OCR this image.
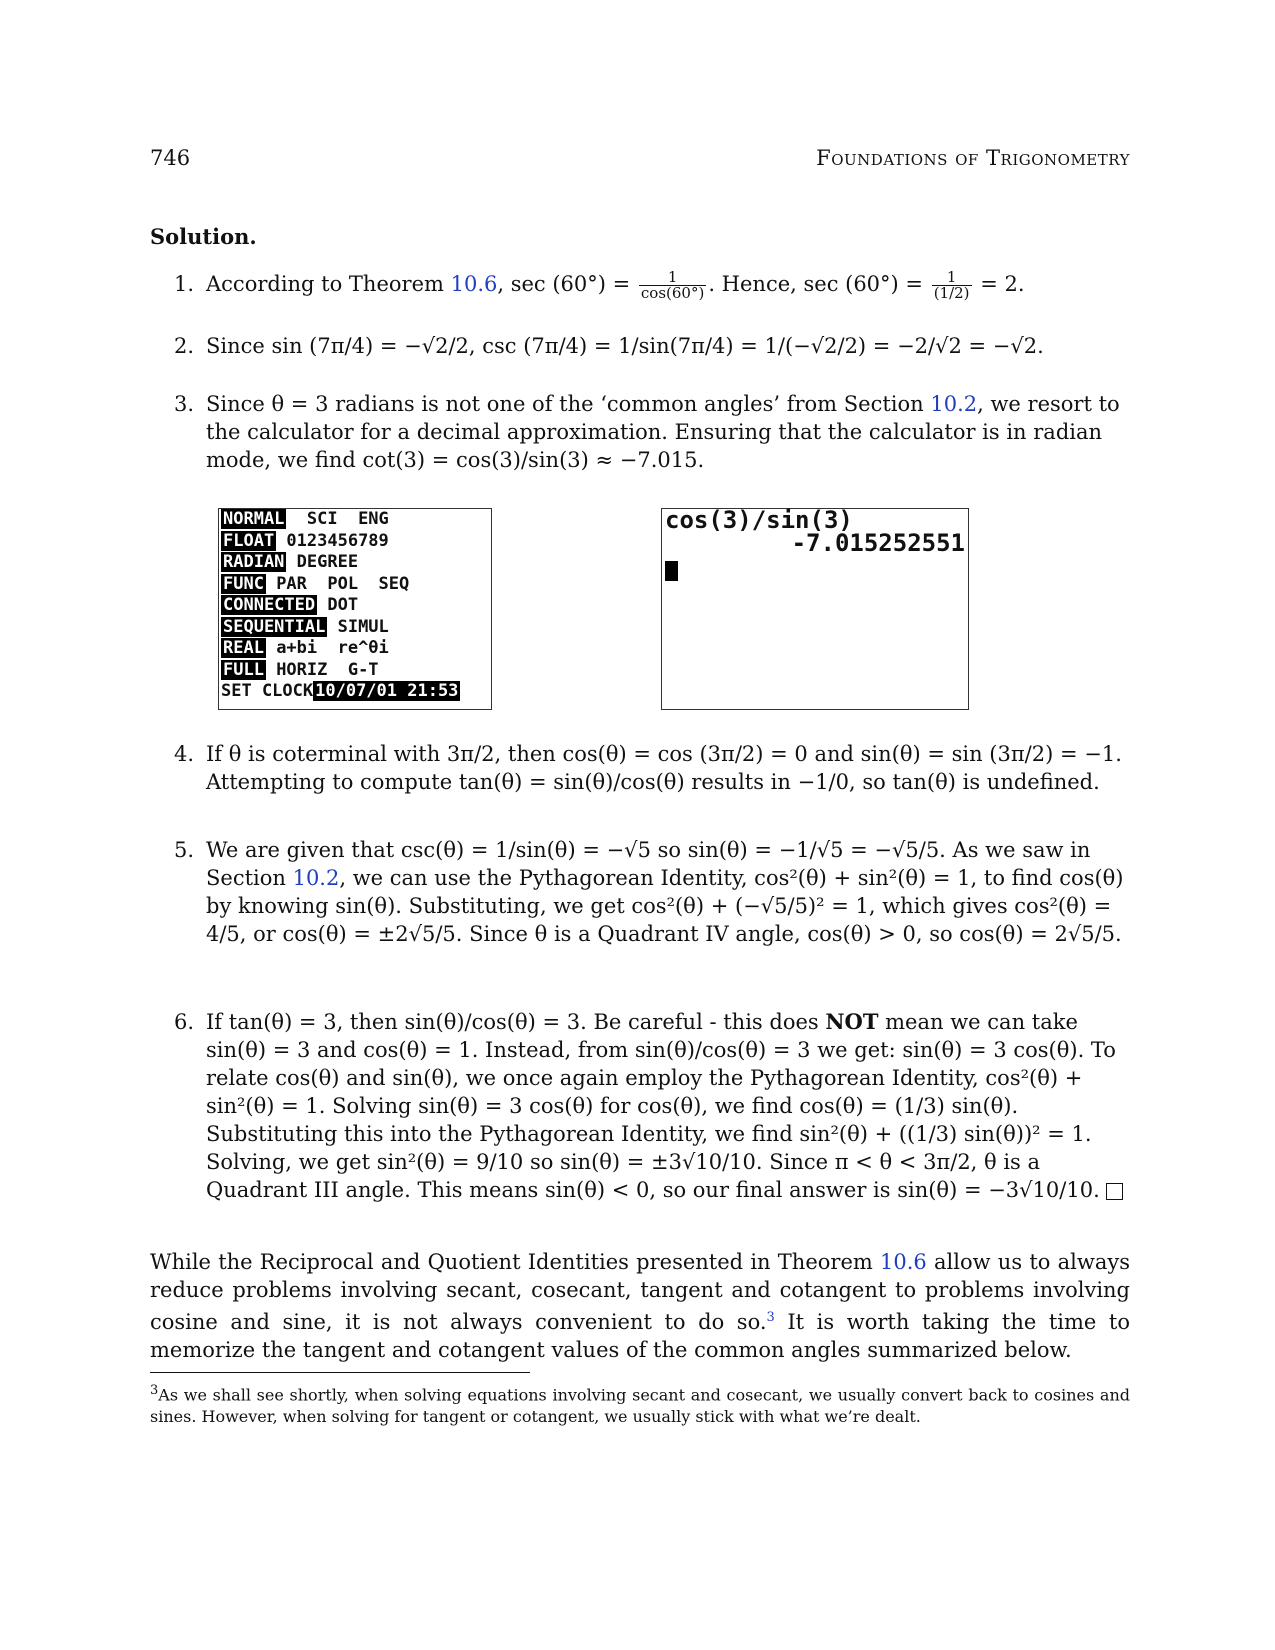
746	Foundations of Trigonometry
Solution.
1. According to Theorem 10.6, $\sec (60^\circ) = \frac{1}{\cos(60^\circ)}$ . Hence, $\sec (60^\circ) = \frac{1}{(1/2)} = 2$.
2. Since sin (7π/4) = −√2/2, csc (7π/4) = 1/sin(7π/4) = 1/(−√2/2) = −2/√2 = −√2.
3. Since θ = 3 radians is not one of the ‘common angles’ from Section 10.2, we resort to the calculator for a decimal approximation. Ensuring that the calculator is in radian mode, we find cot(3) = cos(3)/sin(3) ≈ −7.015.
NORMAL  SCI  ENG
FLOAT 0123456789
RADIAN DEGREE
FUNC PAR  POL  SEQ
CONNECTED DOT
SEQUENTIAL SIMUL
REAL a+bi  re^θi
FULL HORIZ  G-T
SET CLOCK 10/07/01 21:53
cos(3)/sin(3)
-7.015252551
4. If θ is coterminal with 3π/2, then cos(θ) = cos (3π/2) = 0 and sin(θ) = sin (3π/2) = −1. Attempting to compute tan(θ) = sin(θ)/cos(θ) results in −1/0, so tan(θ) is undefined.
5. We are given that csc(θ) = 1/sin(θ) = −√5 so sin(θ) = −1/√5 = −√5/5. As we saw in Section 10.2, we can use the Pythagorean Identity, cos²(θ) + sin²(θ) = 1, to find cos(θ) by knowing sin(θ). Substituting, we get cos²(θ) + (−√5/5)² = 1, which gives cos²(θ) = 4/5, or cos(θ) = ±2√5/5. Since θ is a Quadrant IV angle, cos(θ) > 0, so cos(θ) = 2√5/5.
6. If tan(θ) = 3, then sin(θ)/cos(θ) = 3. Be careful - this does NOT mean we can take sin(θ) = 3 and cos(θ) = 1. Instead, from sin(θ)/cos(θ) = 3 we get: sin(θ) = 3 cos(θ). To relate cos(θ) and sin(θ), we once again employ the Pythagorean Identity, cos²(θ) + sin²(θ) = 1. Solving sin(θ) = 3 cos(θ) for cos(θ), we find cos(θ) = (1/3) sin(θ). Substituting this into the Pythagorean Identity, we find sin²(θ) + ((1/3) sin(θ))² = 1. Solving, we get sin²(θ) = 9/10 so sin(θ) = ±3√10/10. Since π < θ < 3π/2, θ is a Quadrant III angle. This means sin(θ) < 0, so our final answer is sin(θ) = −3√10/10.
While the Reciprocal and Quotient Identities presented in Theorem 10.6 allow us to always reduce problems involving secant, cosecant, tangent and cotangent to problems involving cosine and sine, it is not always convenient to do so.$^3$ It is worth taking the time to memorize the tangent and cotangent values of the common angles summarized below.
$^3$As we shall see shortly, when solving equations involving secant and cosecant, we usually convert back to cosines and sines. However, when solving for tangent or cotangent, we usually stick with what we’re dealt.
